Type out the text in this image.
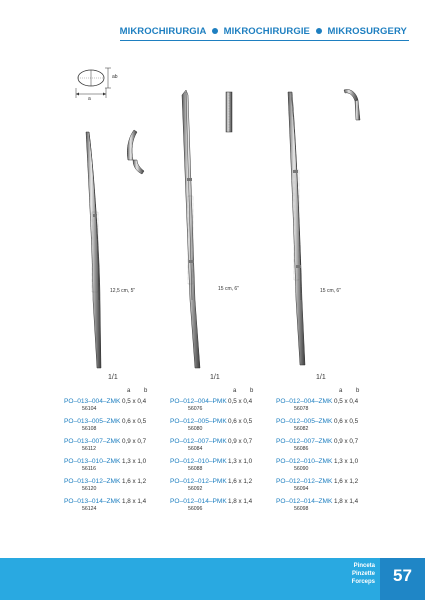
MIKROCHIRURGIA MIKROCHIRURGIE MIKROSURGERY
a
ab
12,5 cm, 5"	15 cm, 6"	15 cm, 6"
1/1	1/1	1/1
a b
PO–013–004–ZMK 0,5 x 0,4
56104
PO–013–005–ZMK 0,6 x 0,5
56108
PO–013–007–ZMK 0,9 x 0,7
56112
PO–013–010–ZMK 1,3 x 1,0
56116
PO–013–012–ZMK 1,6 x 1,2
56120
PO–013–014–ZMK 1,8 x 1,4
56124
a b
PO–012–004–PMK 0,5 x 0,4
56076
PO–012–005–PMK 0,6 x 0,5
56080
PO–012–007–PMK 0,9 x 0,7
56084
PO–012–010–PMK 1,3 x 1,0
56088
PO–012–012–PMK 1,6 x 1,2
56092
PO–012–014–PMK 1,8 x 1,4
56096
a b
PO–012–004–ZMK 0,5 x 0,4
56078
PO–012–005–ZMK 0,6 x 0,5
56082
PO–012–007–ZMK 0,9 x 0,7
56086
PO–012–010–ZMK 1,3 x 1,0
56090
PO–012–012–ZMK 1,6 x 1,2
56094
PO–012–014–ZMK 1,8 x 1,4
56098
Pinceta
Pinzette
Forceps	57
